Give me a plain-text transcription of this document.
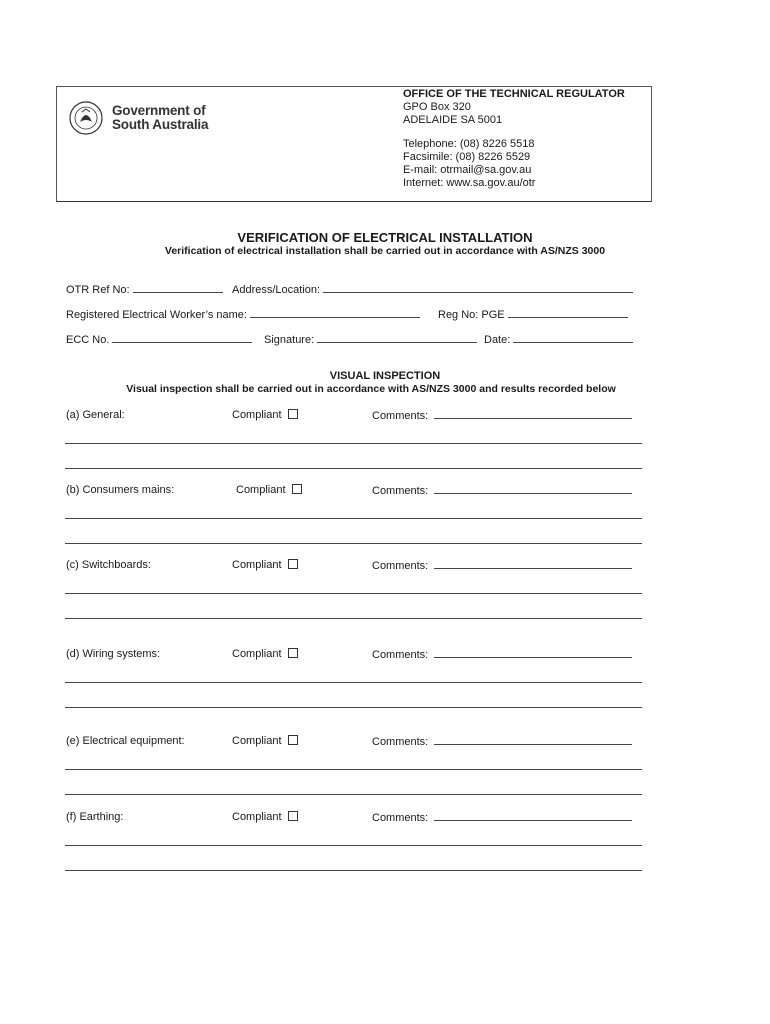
Government of
South Australia
OFFICE OF THE TECHNICAL REGULATOR
GPO Box 320
ADELAIDE SA 5001
Telephone: (08) 8226 5518
Facsimile: (08) 8226 5529
E-mail: otrmail@sa.gov.au
Internet: www.sa.gov.au/otr
VERIFICATION OF ELECTRICAL INSTALLATION
Verification of electrical installation shall be carried out in accordance with AS/NZS 3000
OTR Ref No:	Address/Location:
Registered Electrical Worker’s name:	Reg No: PGE
ECC No.	Signature:	Date:
VISUAL INSPECTION
Visual inspection shall be carried out in accordance with AS/NZS 3000 and results recorded below
(a) General:	Compliant	Comments:
(b) Consumers mains:	Compliant	Comments:
(c) Switchboards:	Compliant	Comments:
(d) Wiring systems:	Compliant	Comments:
(e) Electrical equipment:	Compliant	Comments:
(f) Earthing:	Compliant	Comments:
